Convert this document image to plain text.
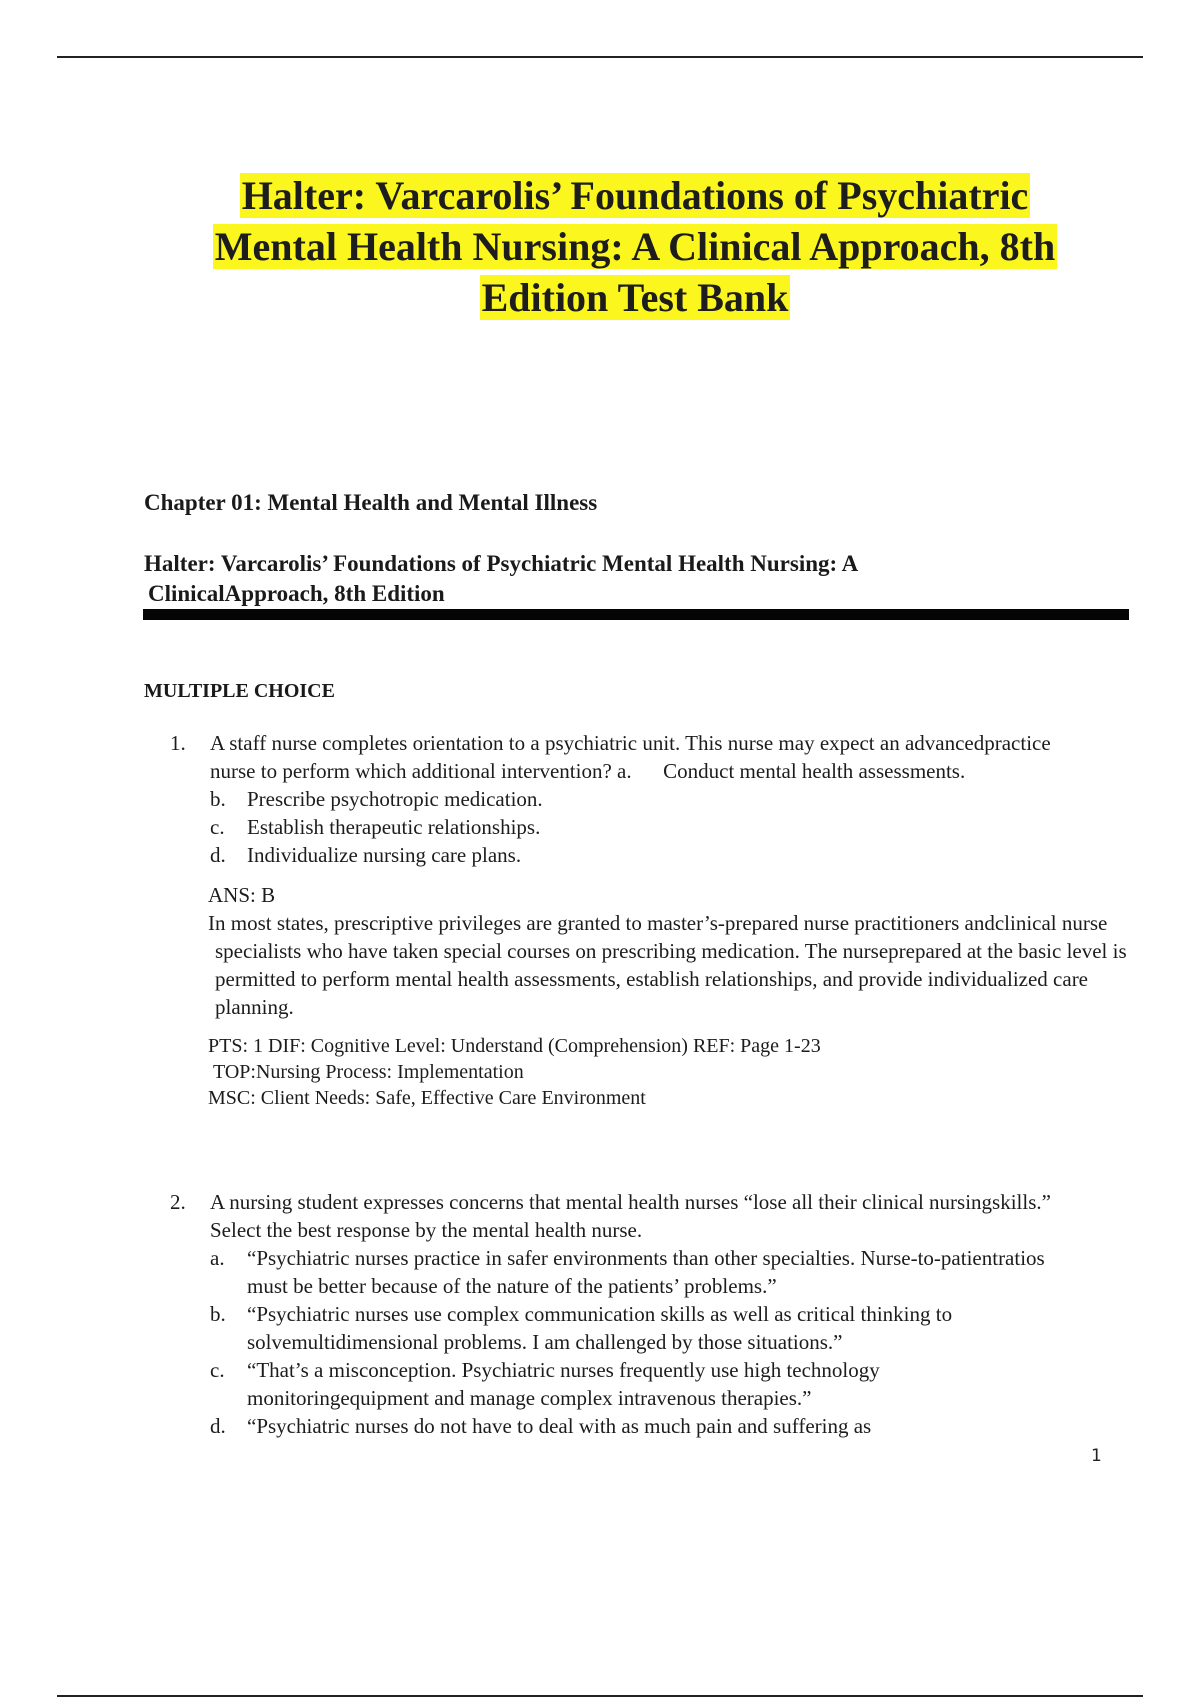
Halter: Varcarolis’ Foundations of Psychiatric
Mental Health Nursing: A Clinical Approach, 8th
Edition Test Bank
Chapter 01: Mental Health and Mental Illness
Halter: Varcarolis’ Foundations of Psychiatric Mental Health Nursing: A
ClinicalApproach, 8th Edition
MULTIPLE CHOICE
1. A staff nurse completes orientation to a psychiatric unit. This nurse may expect an advancedpractice nurse to perform which additional intervention? a.      Conduct mental health assessments.
b. Prescribe psychotropic medication.
c. Establish therapeutic relationships.
d. Individualize nursing care plans.
ANS: B
In most states, prescriptive privileges are granted to master’s-prepared nurse practitioners andclinical nurse specialists who have taken special courses on prescribing medication. The nurseprepared at the basic level is permitted to perform mental health assessments, establish relationships, and provide individualized care planning.
PTS: 1 DIF: Cognitive Level: Understand (Comprehension) REF: Page 1-23
TOP:Nursing Process: Implementation
MSC: Client Needs: Safe, Effective Care Environment
2. A nursing student expresses concerns that mental health nurses “lose all their clinical nursingskills.” Select the best response by the mental health nurse.
a. “Psychiatric nurses practice in safer environments than other specialties. Nurse-to-patientratios must be better because of the nature of the patients’ problems.”
b. “Psychiatric nurses use complex communication skills as well as critical thinking to solvemultidimensional problems. I am challenged by those situations.”
c. “That’s a misconception. Psychiatric nurses frequently use high technology monitoringequipment and manage complex intravenous therapies.”
d. “Psychiatric nurses do not have to deal with as much pain and suffering as
1
